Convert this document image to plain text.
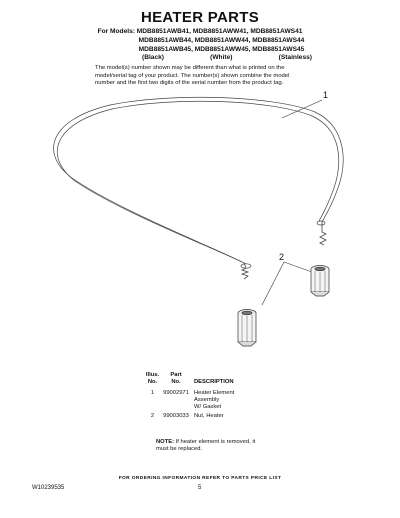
HEATER PARTS
For Models: MDB8851AWB41, MDB8851AWW41, MDB8851AWS41
MDB8851AWB44, MDB8851AWW44, MDB8851AWS44
MDB8851AWB45, MDB8851AWW45, MDB8851AWS45
(Black)	(White)	(Stainless)
The model(s) number shown may be different than what is printed on the model/serial tag of your product. The number(s) shown combine the model number and the first two digits of the serial number from the product tag.
1
2
Illus.
No.
Part
No.
	DESCRIPTION
1	99002971 Heater Element
Assembly
W/ Gasket
2	99003033 Nut, Heater
NOTE: If heater element is removed, it must be replaced.
FOR ORDERING INFORMATION REFER TO PARTS PRICE LIST
W10239535	5
